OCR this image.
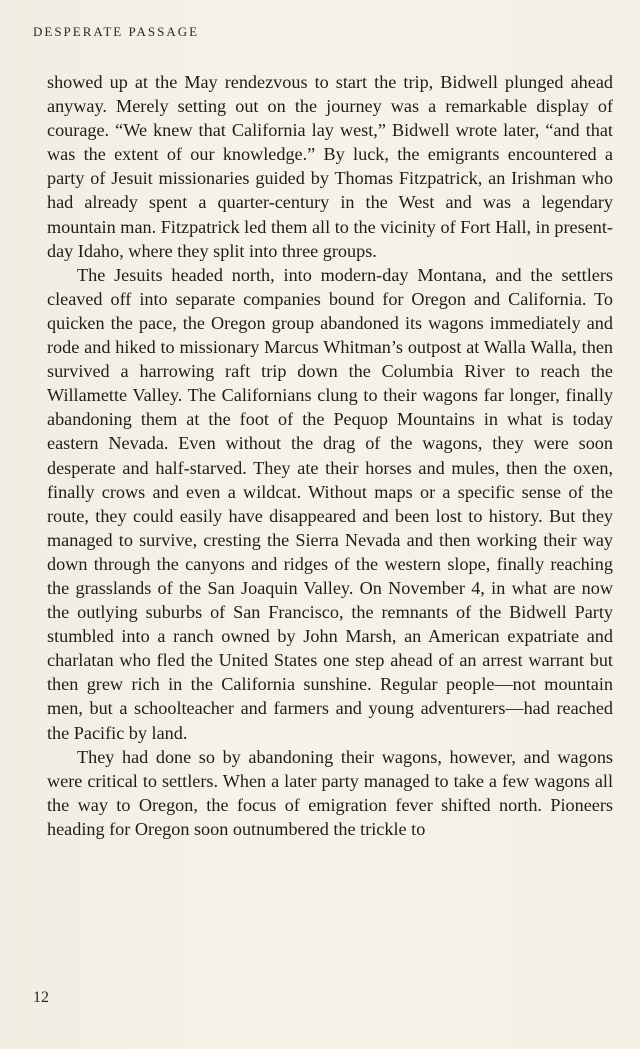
DESPERATE PASSAGE

showed up at the May rendezvous to start the trip, Bidwell plunged ahead anyway. Merely setting out on the journey was a remarkable display of courage. “We knew that California lay west,” Bidwell wrote later, “and that was the extent of our knowledge.” By luck, the emigrants encountered a party of Jesuit missionaries guided by Thomas Fitzpatrick, an Irishman who had already spent a quarter-century in the West and was a legendary mountain man. Fitzpatrick led them all to the vicinity of Fort Hall, in present-day Idaho, where they split into three groups.

The Jesuits headed north, into modern-day Montana, and the settlers cleaved off into separate companies bound for Oregon and California. To quicken the pace, the Oregon group abandoned its wagons immediately and rode and hiked to missionary Marcus Whitman’s outpost at Walla Walla, then survived a harrowing raft trip down the Columbia River to reach the Willamette Valley. The Californians clung to their wagons far longer, finally abandoning them at the foot of the Pequop Mountains in what is today eastern Nevada. Even without the drag of the wagons, they were soon desperate and half-starved. They ate their horses and mules, then the oxen, finally crows and even a wildcat. Without maps or a specific sense of the route, they could easily have disappeared and been lost to history. But they managed to survive, cresting the Sierra Nevada and then working their way down through the canyons and ridges of the western slope, finally reaching the grasslands of the San Joaquin Valley. On November 4, in what are now the outlying suburbs of San Francisco, the remnants of the Bidwell Party stumbled into a ranch owned by John Marsh, an American expatriate and charlatan who fled the United States one step ahead of an arrest warrant but then grew rich in the California sunshine. Regular people—not mountain men, but a schoolteacher and farmers and young adventurers—had reached the Pacific by land.

They had done so by abandoning their wagons, however, and wagons were critical to settlers. When a later party managed to take a few wagons all the way to Oregon, the focus of emigration fever shifted north. Pioneers heading for Oregon soon outnumbered the trickle to

12
